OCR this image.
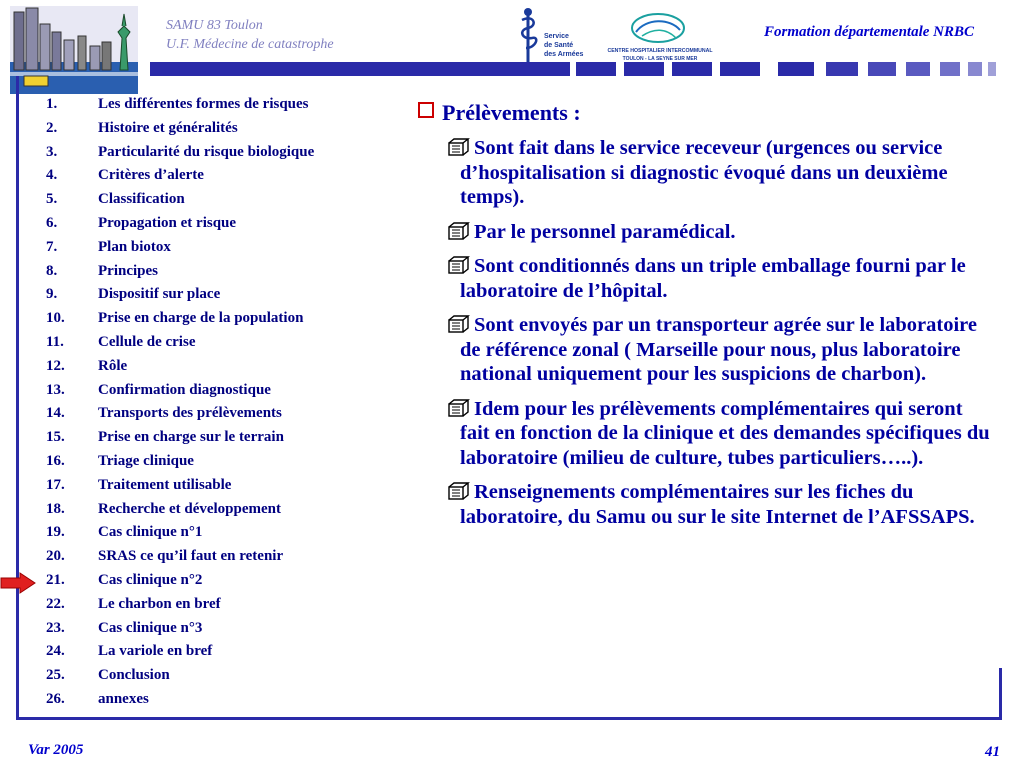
SAMU 83 Toulon
U.F. Médecine de catastrophe
Service
de Santé
des Armées	CENTRE HOSPITALIER INTERCOMMUNAL
TOULON - LA SEYNE SUR MER
Formation départementale NRBC
1.	Les différentes formes de risques
2.	Histoire et généralités
3.	Particularité du risque biologique
4.	Critères d’alerte
5.	Classification
6.	Propagation et risque
7.	Plan biotox
8.	Principes
9.	Dispositif sur place
10. Prise en charge de la population
11. Cellule de crise
12. Rôle
13. Confirmation diagnostique
14. Transports des prélèvements
15. Prise en charge sur le terrain
16. Triage clinique
17. Traitement utilisable
18. Recherche et développement
19. Cas clinique n°1
20. SRAS ce qu’il faut en retenir
21. Cas clinique n°2
22. Le charbon en bref
23. Cas clinique n°3
24. La variole en bref
25. Conclusion
26. annexes
Prélèvements :
Sont fait dans le service receveur (urgences ou service d’hospitalisation si diagnostic évoqué dans un deuxième temps).
Par le personnel paramédical.
Sont conditionnés dans un triple emballage fourni par le laboratoire de l’hôpital.
Sont envoyés par un transporteur agrée sur le laboratoire de référence zonal ( Marseille pour nous, plus laboratoire national uniquement pour les suspicions de charbon).
Idem pour les prélèvements complémentaires qui seront fait en fonction de la clinique et des demandes spécifiques du laboratoire (milieu de culture, tubes particuliers…..).
Renseignements complémentaires sur les fiches du laboratoire, du Samu ou sur le site Internet de l’AFSSAPS.
Var 2005	41
